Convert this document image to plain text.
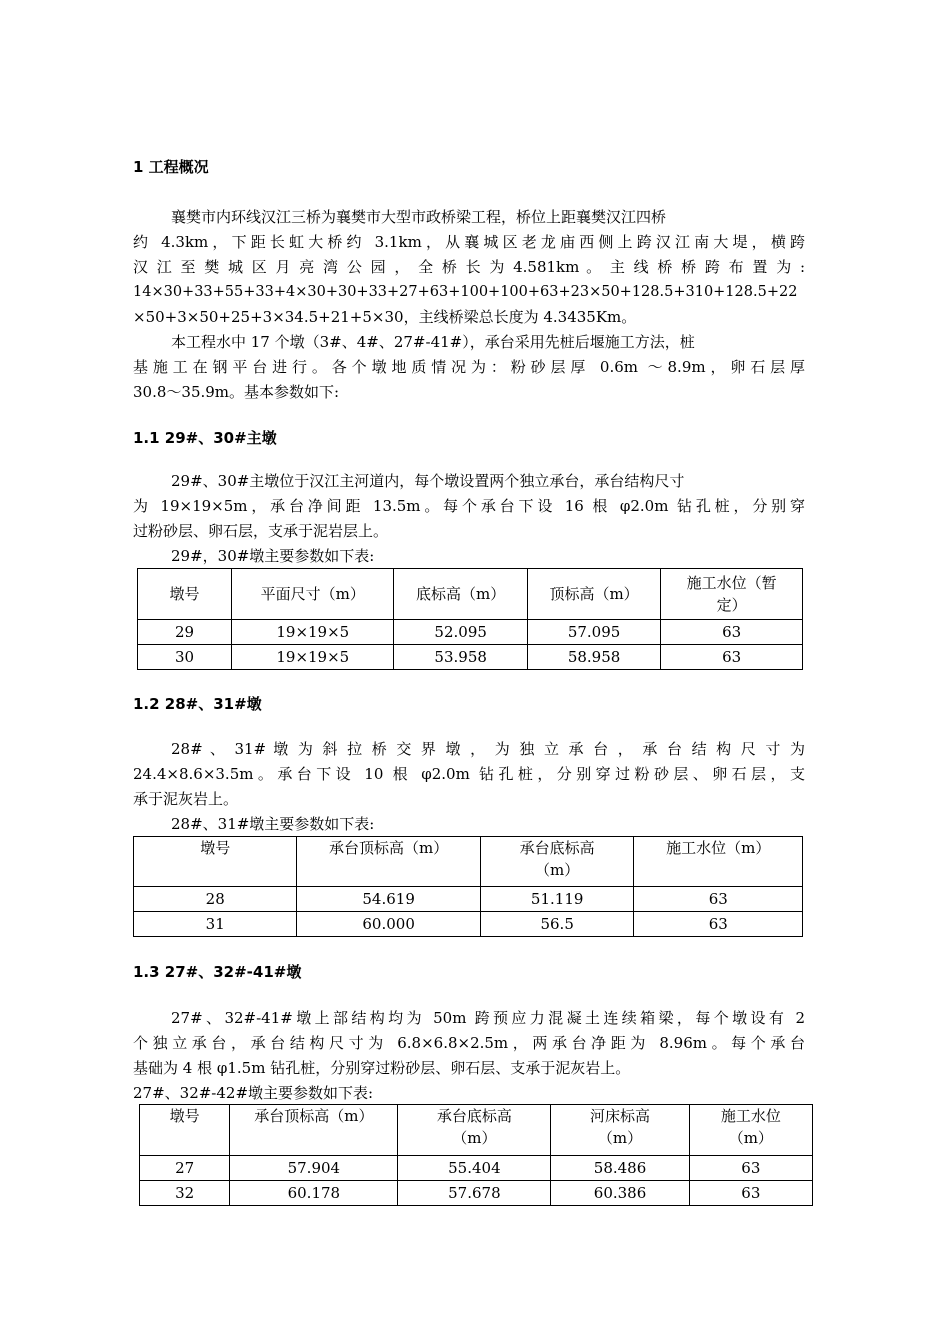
1 工程概况
襄樊市内环线汉江三桥为襄樊市大型市政桥梁工程，桥位上距襄樊汉江四桥
约 4.3km，下距长虹大桥约 3.1km，从襄城区老龙庙西侧上跨汉江南大堤，横跨
汉 江 至 樊 城 区 月 亮 湾 公 园 ， 全 桥 长 为 4.581km 。 主 线 桥 桥 跨 布 置 为 :
14×30+33+55+33+4×30+30+33+27+63+100+100+63+23×50+128.5+310+128.5+22
×50+3×50+25+3×34.5+21+5×30，主线桥梁总长度为 4.3435Km。
本工程水中 17 个墩（3#、4#、27#-41#），承台采用先桩后堰施工方法，桩
基施工在钢平台进行。各个墩地质情况为：粉砂层厚 0.6m ～8.9m，卵石层厚
30.8～35.9m。基本参数如下:
1.1 29#、30#主墩
29#、30#主墩位于汉江主河道内，每个墩设置两个独立承台，承台结构尺寸
为 19×19×5m，承台净间距 13.5m。每个承台下设 16 根 φ2.0m 钻孔桩，分别穿
过粉砂层、卵石层，支承于泥岩层上。
29#，30#墩主要参数如下表:
墩号	平面尺寸（m）	底标高（m）	顶标高（m）	施工水位（暂
定）
29	19×19×5	52.095	57.095	63
30	19×19×5	53.958	58.958	63
1.2 28#、31#墩
28# 、 31# 墩 为 斜 拉 桥 交 界 墩 ， 为 独 立 承 台 ， 承 台 结 构 尺 寸 为
24.4×8.6×3.5m。承台下设 10 根 φ2.0m 钻孔桩，分别穿过粉砂层、卵石层，支
承于泥灰岩上。
28#、31#墩主要参数如下表:
墩号	承台顶标高（m）	承台底标高
（m）	施工水位（m）
28	54.619	51.119	63
31	60.000	56.5	63
1.3 27#、32#-41#墩
27#、32#-41#墩上部结构均为 50m 跨预应力混凝土连续箱梁，每个墩设有 2
个独立承台，承台结构尺寸为 6.8×6.8×2.5m，两承台净距为 8.96m。每个承台
基础为 4 根 φ1.5m 钻孔桩，分别穿过粉砂层、卵石层、支承于泥灰岩上。
27#、32#-42#墩主要参数如下表:
墩号	承台顶标高（m）	承台底标高
（m）	河床标高
（m）	施工水位
（m）
27	57.904	55.404	58.486	63
32	60.178	57.678	60.386	63
